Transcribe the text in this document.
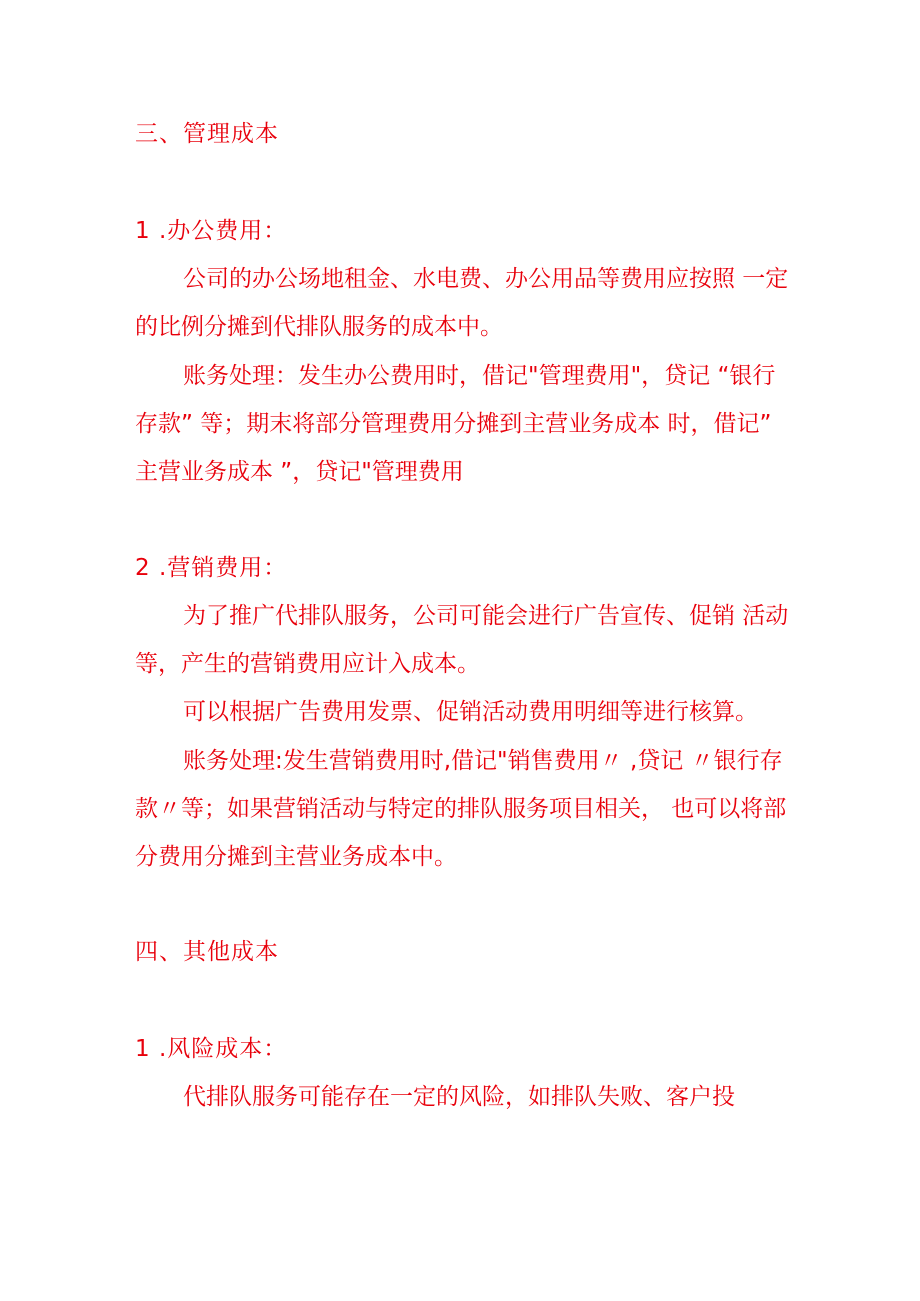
三、管理成本
1 .办公费用：
公司的办公场地租金、水电费、办公用品等费用应按照 一定
的比例分摊到代排队服务的成本中。
账务处理：发生办公费用时，借记"管理费用"，贷记 “银行
存款” 等；期末将部分管理费用分摊到主营业务成本 时，借记”
主营业务成本 ”，贷记"管理费用
2 .营销费用：
为了推广代排队服务，公司可能会进行广告宣传、促销 活动
等，产生的营销费用应计入成本。
可以根据广告费用发票、促销活动费用明细等进行核算。
账务处理:发生营销费用时,借记"销售费用〃 ,贷记 〃银行存
款〃等；如果营销活动与特定的排队服务项目相关， 也可以将部
分费用分摊到主营业务成本中。
四、其他成本
1 .风险成本：
代排队服务可能存在一定的风险，如排队失败、客户投
